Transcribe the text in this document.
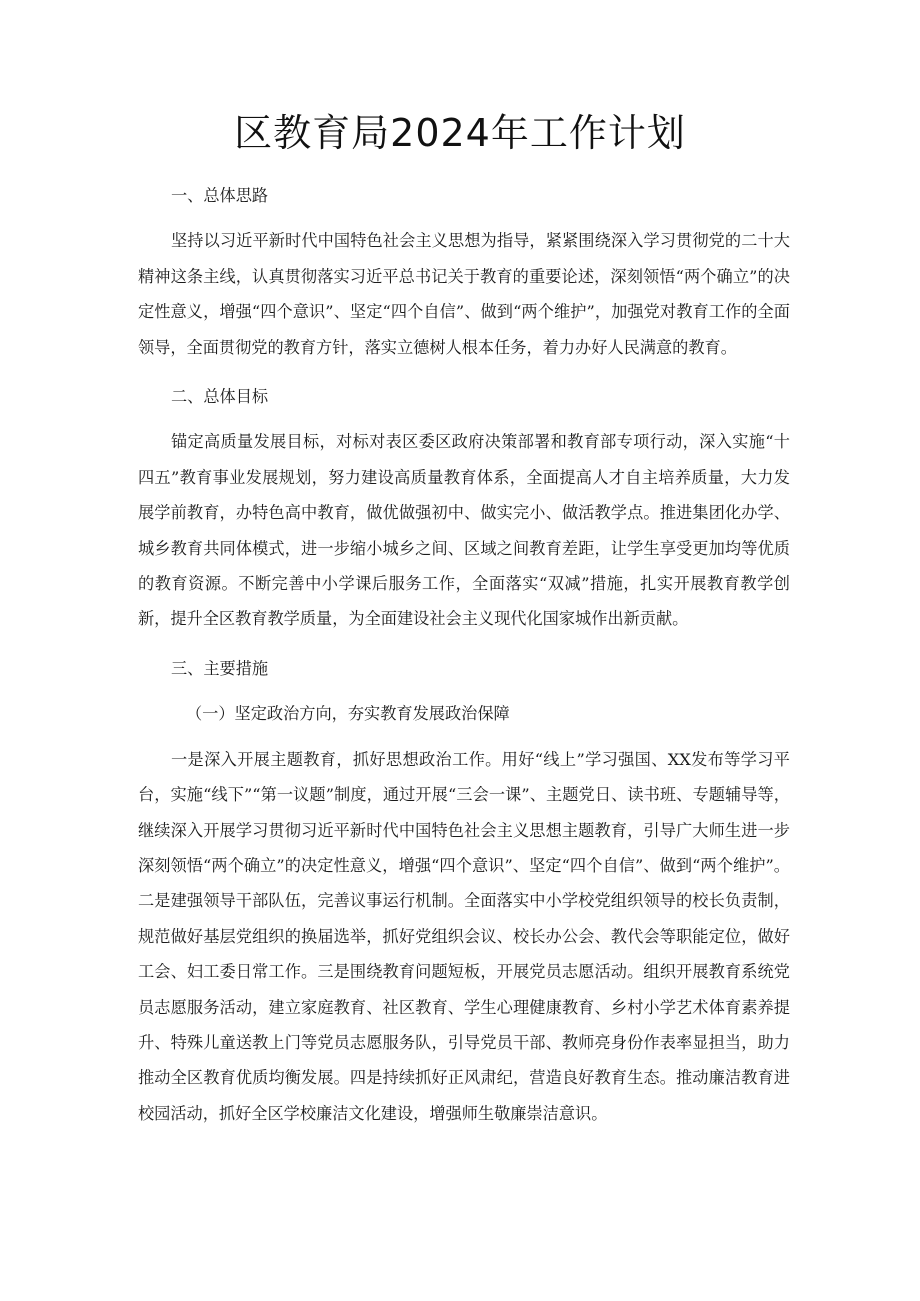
区教育局2024年工作计划

一、总体思路

坚持以习近平新时代中国特色社会主义思想为指导，紧紧围绕深入学习贯彻党的二十大精神这条主线，认真贯彻落实习近平总书记关于教育的重要论述，深刻领悟“两个确立”的决定性意义，增强“四个意识”、坚定“四个自信”、做到“两个维护”，加强党对教育工作的全面领导，全面贯彻党的教育方针，落实立德树人根本任务，着力办好人民满意的教育。

二、总体目标

锚定高质量发展目标，对标对表区委区政府决策部署和教育部专项行动，深入实施“十四五”教育事业发展规划，努力建设高质量教育体系，全面提高人才自主培养质量，大力发展学前教育，办特色高中教育，做优做强初中、做实完小、做活教学点。推进集团化办学、城乡教育共同体模式，进一步缩小城乡之间、区域之间教育差距，让学生享受更加均等优质的教育资源。不断完善中小学课后服务工作，全面落实“双减”措施，扎实开展教育教学创新，提升全区教育教学质量，为全面建设社会主义现代化国家城作出新贡献。

三、主要措施

（一）坚定政治方向，夯实教育发展政治保障

一是深入开展主题教育，抓好思想政治工作。用好“线上”学习强国、XX发布等学习平台，实施“线下”“第一议题”制度，通过开展“三会一课”、主题党日、读书班、专题辅导等，继续深入开展学习贯彻习近平新时代中国特色社会主义思想主题教育，引导广大师生进一步深刻领悟“两个确立”的决定性意义，增强“四个意识”、坚定“四个自信”、做到“两个维护”。二是建强领导干部队伍，完善议事运行机制。全面落实中小学校党组织领导的校长负责制，规范做好基层党组织的换届选举，抓好党组织会议、校长办公会、教代会等职能定位，做好工会、妇工委日常工作。三是围绕教育问题短板，开展党员志愿活动。组织开展教育系统党员志愿服务活动，建立家庭教育、社区教育、学生心理健康教育、乡村小学艺术体育素养提升、特殊儿童送教上门等党员志愿服务队，引导党员干部、教师亮身份作表率显担当，助力推动全区教育优质均衡发展。四是持续抓好正风肃纪，营造良好教育生态。推动廉洁教育进校园活动，抓好全区学校廉洁文化建设，增强师生敬廉崇洁意识。
